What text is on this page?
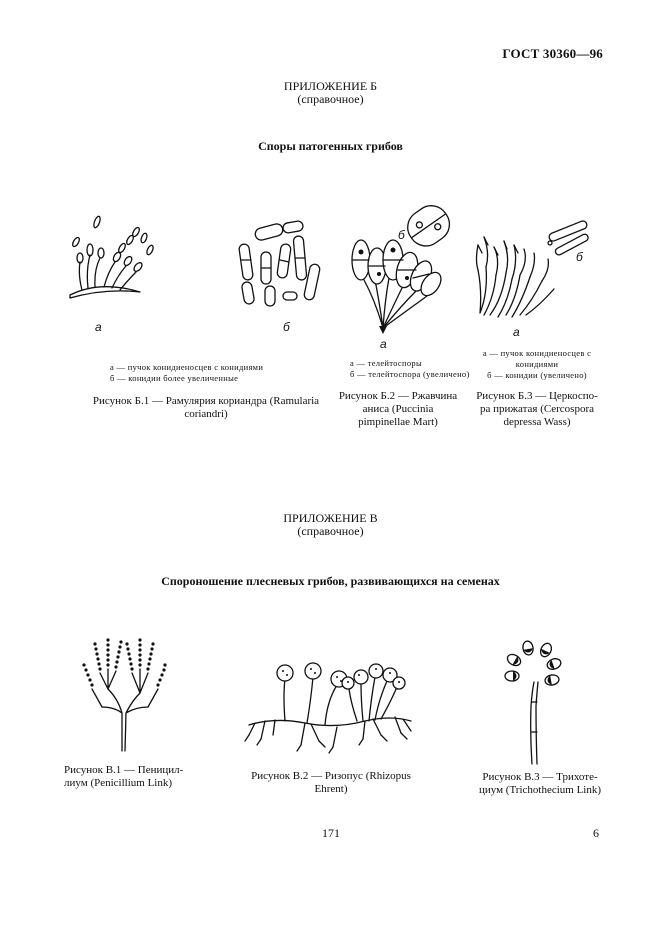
ГОСТ 30360—96
ПРИЛОЖЕНИЕ Б
(справочное)
Споры патогенных грибов
а	б
а — пучок конидиеносцев с конидиями
б — конидии более увеличенные
Рисунок Б.1 — Рамулярия кориандра (Ramularia
coriandri)
б
а
а — телейтоспоры
б — телейтоспора (увеличено)
Рисунок Б.2 — Ржавчина
аниса (Puccinia
pimpinellae Mart)
б
а
а — пучок конидиеносцев с
конидиями
б — конидии (увеличено)
Рисунок Б.3 — Церкоспо-
ра прижатая (Cercospora
depressa Wass)
ПРИЛОЖЕНИЕ В
(справочное)
Спороношение плесневых грибов, развивающихся на семенах
Рисунок В.1 — Пеницил-
лиум (Penicillium Link)
Рисунок В.2 — Ризопус (Rhizopus
Ehrent)
Рисунок В.3 — Трихоте-
циум (Trichothecium Link)
171	6
